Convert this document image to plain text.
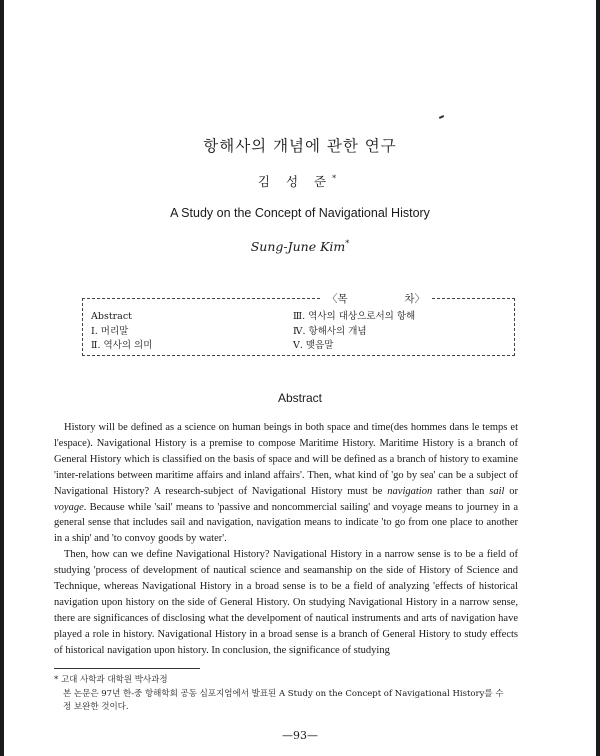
항해사의 개념에 관한 연구
김 성 준*
A Study on the Concept of Navigational History
Sung-June Kim*
〈목	차〉
Abstract
Ⅰ. 머리말
Ⅱ. 역사의 의미
Ⅲ. 역사의 대상으로서의 항해
Ⅳ. 항해사의 개념
Ⅴ. 맺음말
Abstract

History will be defined as a science on human beings in both space and time(des hommes dans le temps et l'espace). Navigational History is a premise to compose Maritime History. Maritime History is a branch of General History which is classified on the basis of space and will be defined as a branch of history to examine 'inter-relations between maritime affairs and inland affairs'. Then, what kind of 'go by sea' can be a subject of Navigational History? A research-subject of Navigational History must be navigation rather than sail or voyage. Because while 'sail' means to 'passive and noncommercial sailing' and voyage means to journey in a general sense that includes sail and navigation, navigation means to indicate 'to go from one place to another in a ship' and 'to convoy goods by water'.

Then, how can we define Navigational History? Navigational History in a narrow sense is to be a field of studying 'process of development of nautical science and seamanship on the side of History of Science and Technique, whereas Navigational History in a broad sense is to be a field of analyzing 'effects of historical navigation upon history on the side of General History. On studying Navigational History in a narrow sense, there are significances of disclosing what the develpoment of nautical instruments and arts of navigation have played a role in history. Navigational History in a broad sense is a branch of General History to study effects of historical navigation upon history. In conclusion, the significance of studying

* 고대 사학과 대학원 박사과정
본 논문은 97년 한-중 항해학회 공동 심포지엄에서 발표된 A Study on the Concept of Navigational History를 수
정 보완한 것이다.
—93—
